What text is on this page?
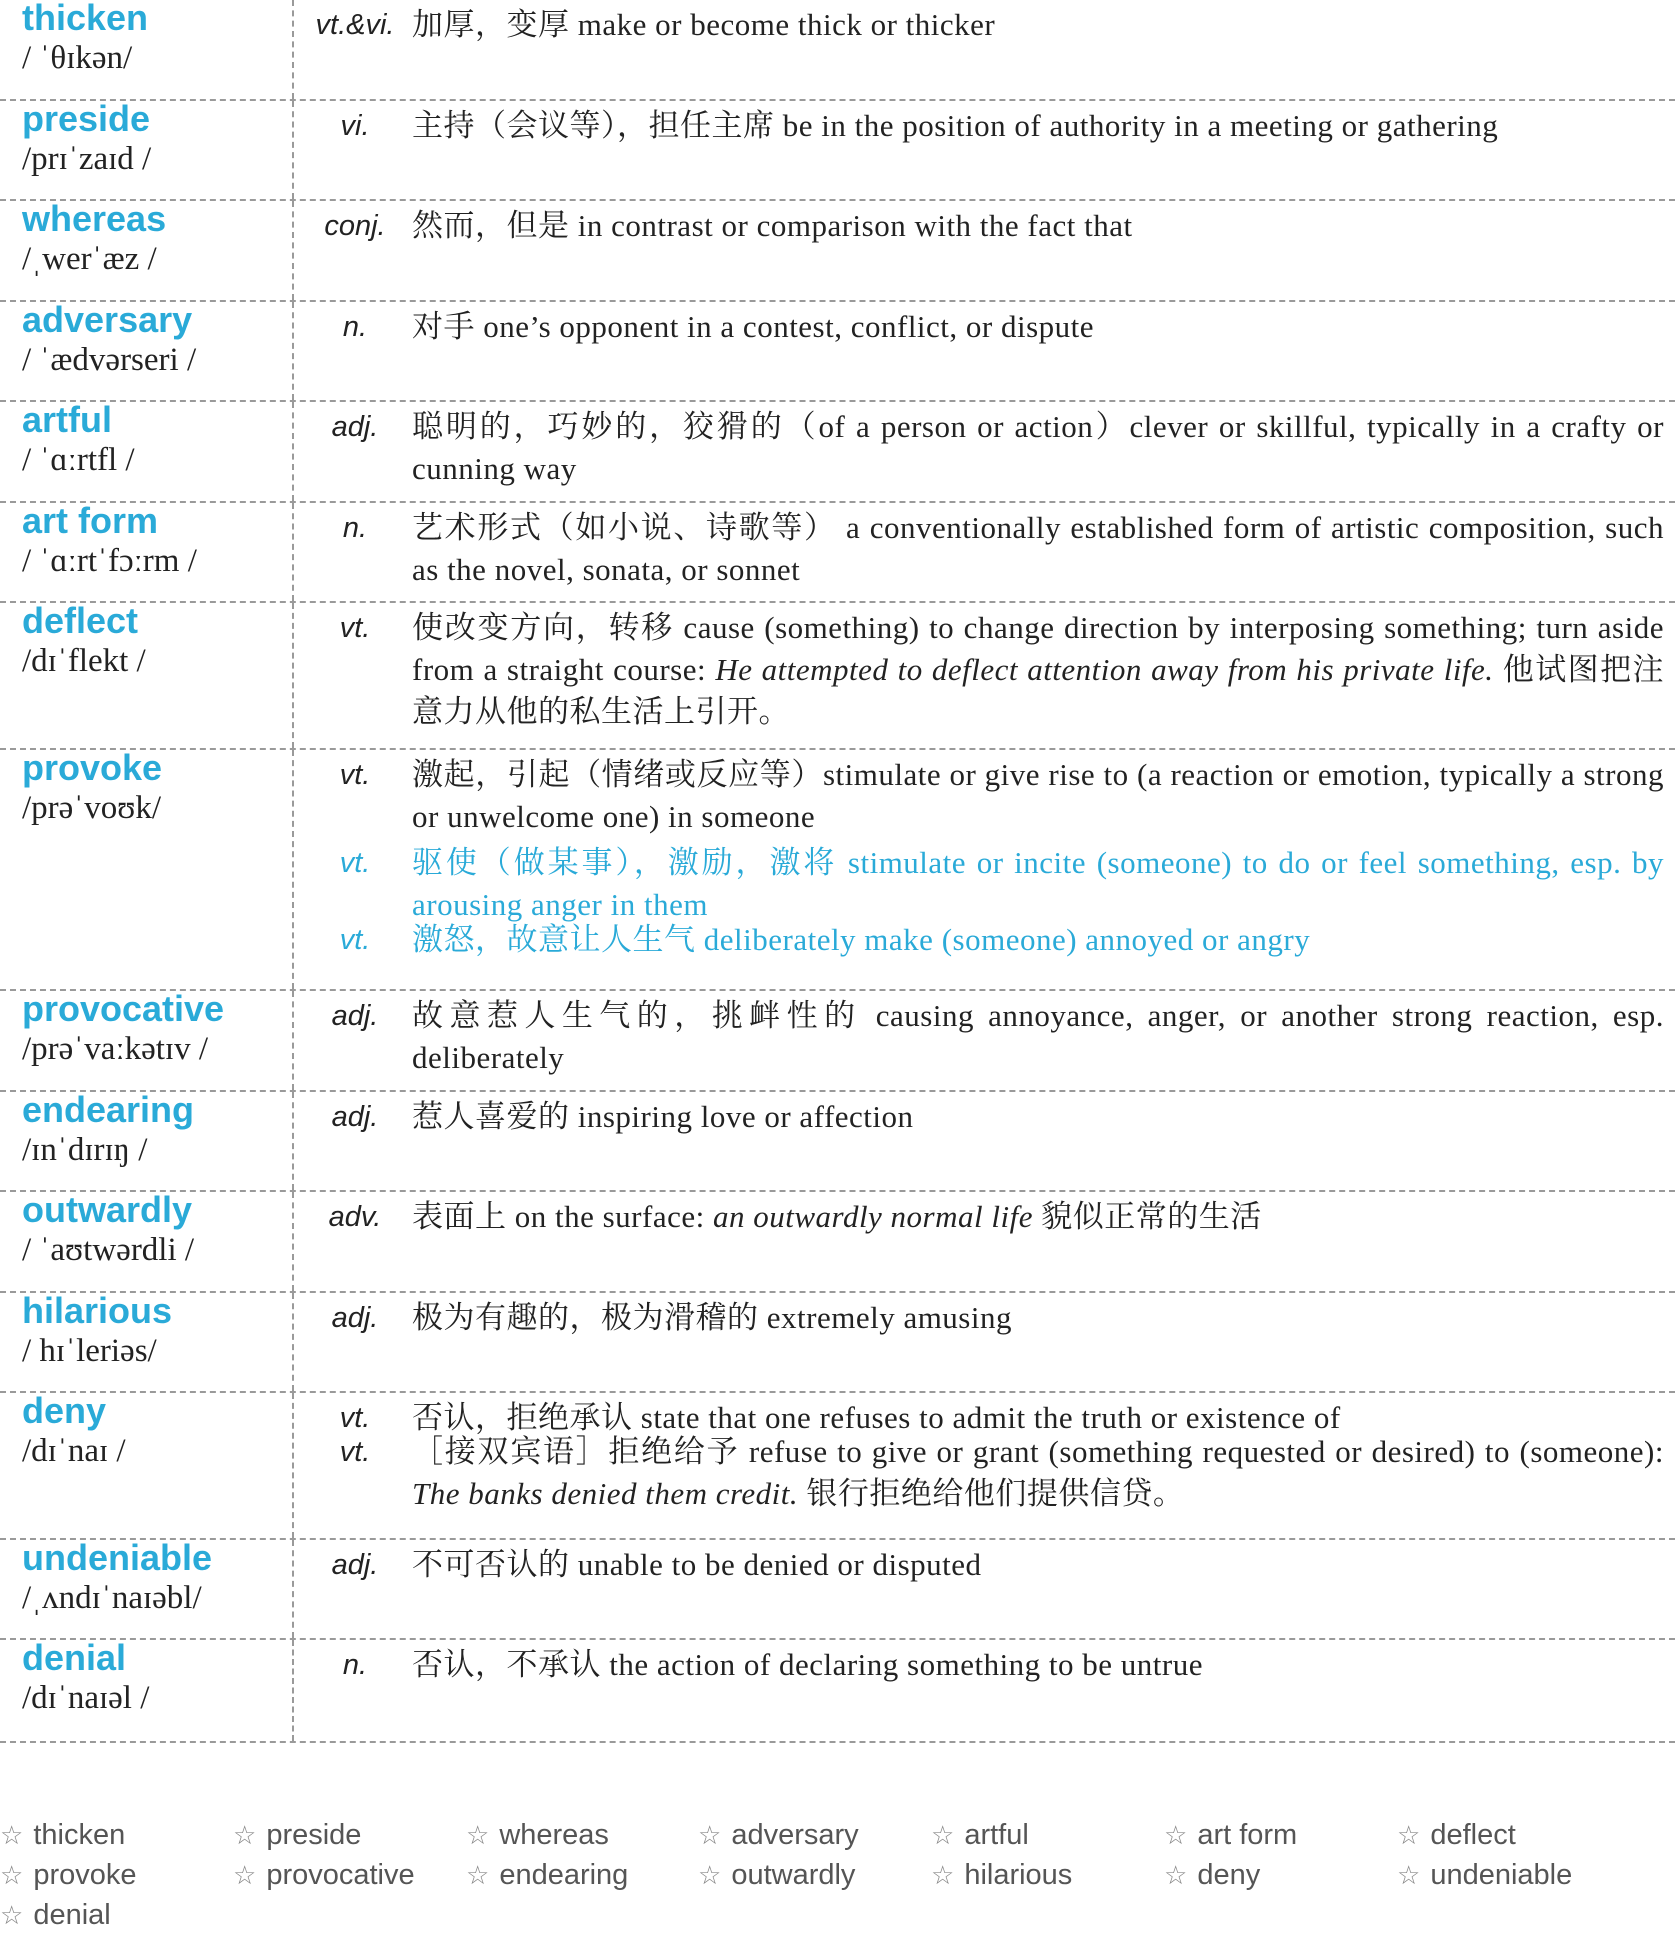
thicken
/ ˈθɪkən/
vt.&vi. 加厚，变厚 make or become thick or thicker
preside
/prɪˈzaɪd /
vi.	主持（会议等），担任主席 be in the position of authority in a meeting or gathering
whereas
/ˌwerˈæz /
conj. 然而，但是 in contrast or comparison with the fact that
adversary
/ ˈædvərseri /
n.	对手 one’s opponent in a contest, conflict, or dispute
artful
/ ˈɑːrtfl /
adj.	聪明的，巧妙的，狡猾的（of a person or action）clever or skillful, typically in a crafty or cunning way
art form
/ ˈɑːrtˈfɔːrm /
n.	艺术形式（如小说、诗歌等） a conventionally established form of artistic composition, such as the novel, sonata, or sonnet
deflect
/dɪˈflekt /
vt.	使改变方向，转移 cause (something) to change direction by interposing something; turn aside from a straight course: He attempted to deflect attention away from his private life. 他试图把注意力从他的私生活上引开。
provoke
/prəˈvoʊk/
vt.	激起，引起（情绪或反应等）stimulate or give rise to (a reaction or emotion, typically a strong or unwelcome one) in someone
vt.	驱使（做某事），激励，激将 stimulate or incite (someone) to do or feel something, esp. by arousing anger in them
vt.	激怒，故意让人生气 deliberately make (someone) annoyed or angry
provocative
/prəˈvaːkətɪv /
adj.	故意惹人生气的，挑衅性的 causing annoyance, anger, or another strong reaction, esp. deliberately
endearing
/ɪnˈdɪrɪŋ /
adj.	惹人喜爱的 inspiring love or affection
outwardly
/ ˈaʊtwərdli /
adv. 表面上 on the surface: an outwardly normal life 貌似正常的生活
hilarious
/ hɪˈleriəs/
adj.	极为有趣的，极为滑稽的 extremely amusing
deny
/dɪˈnaɪ /
vt.	否认，拒绝承认 state that one refuses to admit the truth or existence of
vt.	［接双宾语］拒绝给予 refuse to give or grant (something requested or desired) to (someone): The banks denied them credit. 银行拒绝给他们提供信贷。
undeniable
/ˌʌndɪˈnaɪəbl/
adj.	不可否认的 unable to be denied or disputed
denial
/dɪˈnaɪəl /
n.	否认，不承认 the action of declaring something to be untrue
☆ thicken	☆ preside	☆ whereas	☆ adversary	☆ artful	☆ art form	☆ deflect
☆ provoke	☆ provocative ☆ endearing	☆ outwardly	☆ hilarious	☆ deny	☆ undeniable
☆ denial
